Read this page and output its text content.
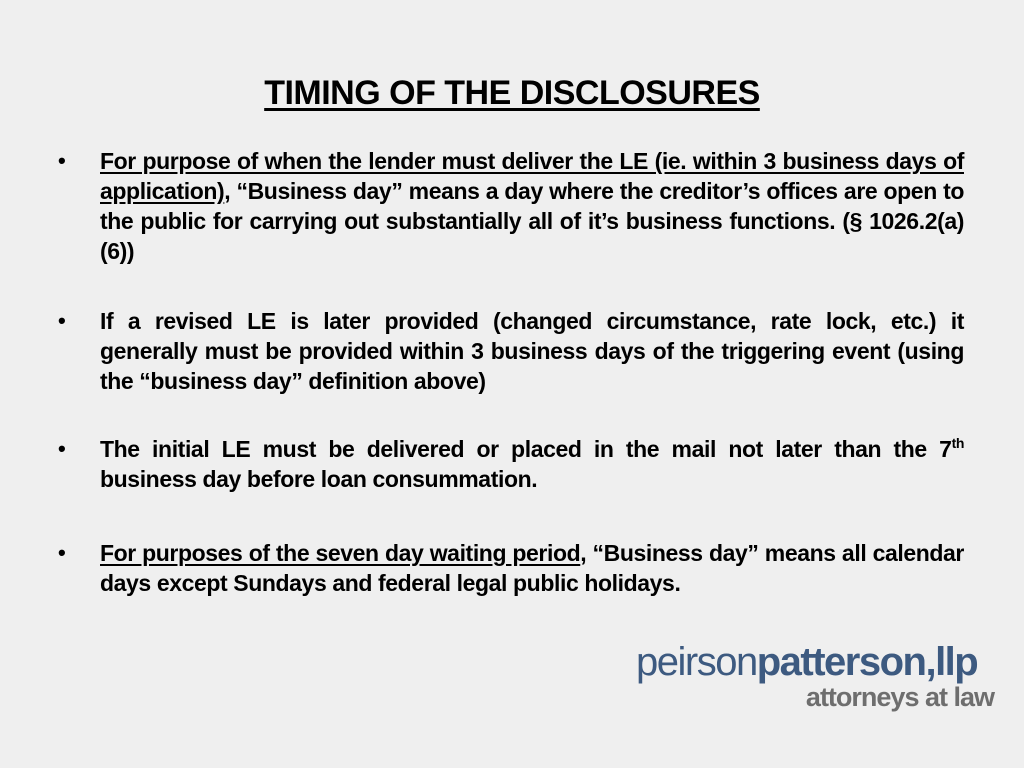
TIMING OF THE DISCLOSURES
• For purpose of when the lender must deliver the LE (ie. within 3 business days of application), “Business day” means a day where the creditor’s offices are open to the public for carrying out substantially all of it’s business functions. (§ 1026.2(a)(6))
• If a revised LE is later provided (changed circumstance, rate lock, etc.) it generally must be provided within 3 business days of the triggering event (using the “business day” definition above)
• The initial LE must be delivered or placed in the mail not later than the 7th business day before loan consummation.
• For purposes of the seven day waiting period, “Business day” means all calendar days except Sundays and federal legal public holidays.
peirsonpatterson,llp
attorneys at law
